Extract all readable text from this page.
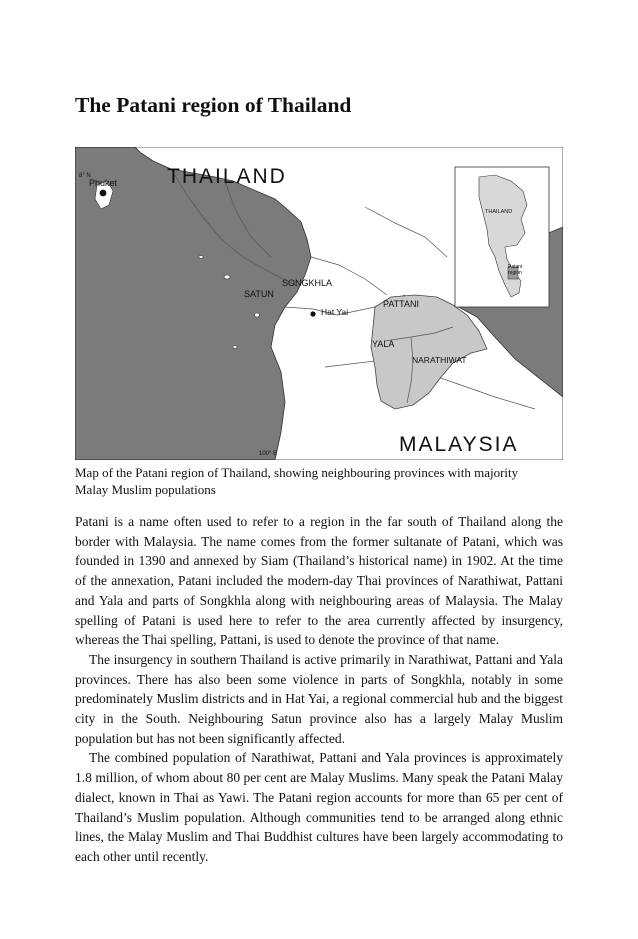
The Patani region of Thailand
8° N
Phuket THAILAND
SONGKHLA
SATUN
Hat Yai
PATTANI
YALA
NARATHIWAT
100° E	MALAYSIA
THAILAND
Patani
region
Map of the Patani region of Thailand, showing neighbouring provinces with majority
Malay Muslim populations

Patani is a name often used to refer to a region in the far south of Thailand along the border with Malaysia. The name comes from the former sultanate of Patani, which was founded in 1390 and annexed by Siam (Thailand’s historical name) in 1902. At the time of the annexation, Patani included the modern-day Thai provinces of Narathiwat, Pattani and Yala and parts of Songkhla along with neighbouring areas of Malaysia. The Malay spelling of Patani is used here to refer to the area currently affected by insurgency, whereas the Thai spelling, Pattani, is used to denote the province of that name.

The insurgency in southern Thailand is active primarily in Narathiwat, Pattani and Yala provinces. There has also been some violence in parts of Songkhla, notably in some predominately Muslim districts and in Hat Yai, a regional commercial hub and the biggest city in the South. Neighbouring Satun province also has a largely Malay Muslim population but has not been significantly affected.

The combined population of Narathiwat, Pattani and Yala provinces is approximately 1.8 million, of whom about 80 per cent are Malay Muslims. Many speak the Patani Malay dialect, known in Thai as Yawi. The Patani region accounts for more than 65 per cent of Thailand’s Muslim population. Although communities tend to be arranged along ethnic lines, the Malay Muslim and Thai Buddhist cultures have been largely accommodating to each other until recently.
